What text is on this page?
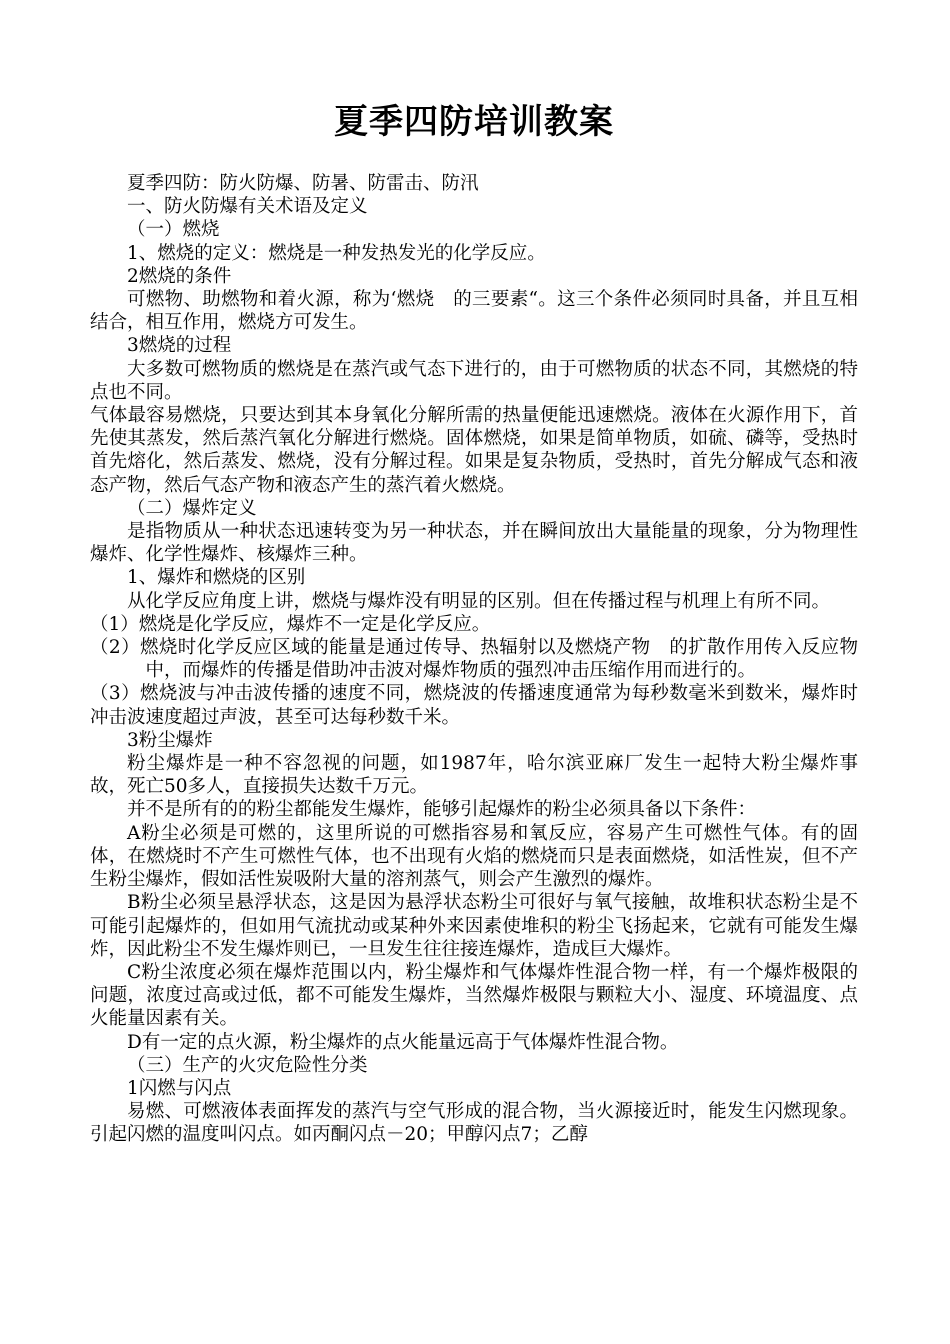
夏季四防培训教案

夏季四防：防火防爆、防暑、防雷击、防汛

一、防火防爆有关术语及定义

（一）燃烧

1、燃烧的定义：燃烧是一种发热发光的化学反应。

2燃烧的条件

可燃物、助燃物和着火源，称为‘燃烧　的三要素“。这三个条件必须同时具备，并且互相结合，相互作用，燃烧方可发生。

3燃烧的过程

大多数可燃物质的燃烧是在蒸汽或气态下进行的，由于可燃物质的状态不同，其燃烧的特点也不同。

气体最容易燃烧，只要达到其本身氧化分解所需的热量便能迅速燃烧。液体在火源作用下，首先使其蒸发，然后蒸汽氧化分解进行燃烧。固体燃烧，如果是简单物质，如硫、磷等，受热时首先熔化，然后蒸发、燃烧，没有分解过程。如果是复杂物质，受热时，首先分解成气态和液态产物，然后气态产物和液态产生的蒸汽着火燃烧。

（二）爆炸定义

是指物质从一种状态迅速转变为另一种状态，并在瞬间放出大量能量的现象，分为物理性爆炸、化学性爆炸、核爆炸三种。

1、爆炸和燃烧的区别

从化学反应角度上讲，燃烧与爆炸没有明显的区别。但在传播过程与机理上有所不同。

（1）燃烧是化学反应，爆炸不一定是化学反应。

（2）燃烧时化学反应区域的能量是通过传导、热辐射以及燃烧产物　的扩散作用传入反应物中，而爆炸的传播是借助冲击波对爆炸物质的强烈冲击压缩作用而进行的。

（3）燃烧波与冲击波传播的速度不同，燃烧波的传播速度通常为每秒数毫米到数米，爆炸时冲击波速度超过声波，甚至可达每秒数千米。

3粉尘爆炸

粉尘爆炸是一种不容忽视的问题，如1987年，哈尔滨亚麻厂发生一起特大粉尘爆炸事故，死亡50多人，直接损失达数千万元。

并不是所有的的粉尘都能发生爆炸，能够引起爆炸的粉尘必须具备以下条件：

A粉尘必须是可燃的，这里所说的可燃指容易和氧反应，容易产生可燃性气体。有的固体，在燃烧时不产生可燃性气体，也不出现有火焰的燃烧而只是表面燃烧，如活性炭，但不产生粉尘爆炸，假如活性炭吸附大量的溶剂蒸气，则会产生激烈的爆炸。

B粉尘必须呈悬浮状态，这是因为悬浮状态粉尘可很好与氧气接触，故堆积状态粉尘是不可能引起爆炸的，但如用气流扰动或某种外来因素使堆积的粉尘飞扬起来，它就有可能发生爆炸，因此粉尘不发生爆炸则已，一旦发生往往接连爆炸，造成巨大爆炸。

C粉尘浓度必须在爆炸范围以内，粉尘爆炸和气体爆炸性混合物一样，有一个爆炸极限的问题，浓度过高或过低，都不可能发生爆炸，当然爆炸极限与颗粒大小、湿度、环境温度、点火能量因素有关。

D有一定的点火源，粉尘爆炸的点火能量远高于气体爆炸性混合物。

（三）生产的火灾危险性分类

1闪燃与闪点

易燃、可燃液体表面挥发的蒸汽与空气形成的混合物，当火源接近时，能发生闪燃现象。引起闪燃的温度叫闪点。如丙酮闪点－20；甲醇闪点7；乙醇
